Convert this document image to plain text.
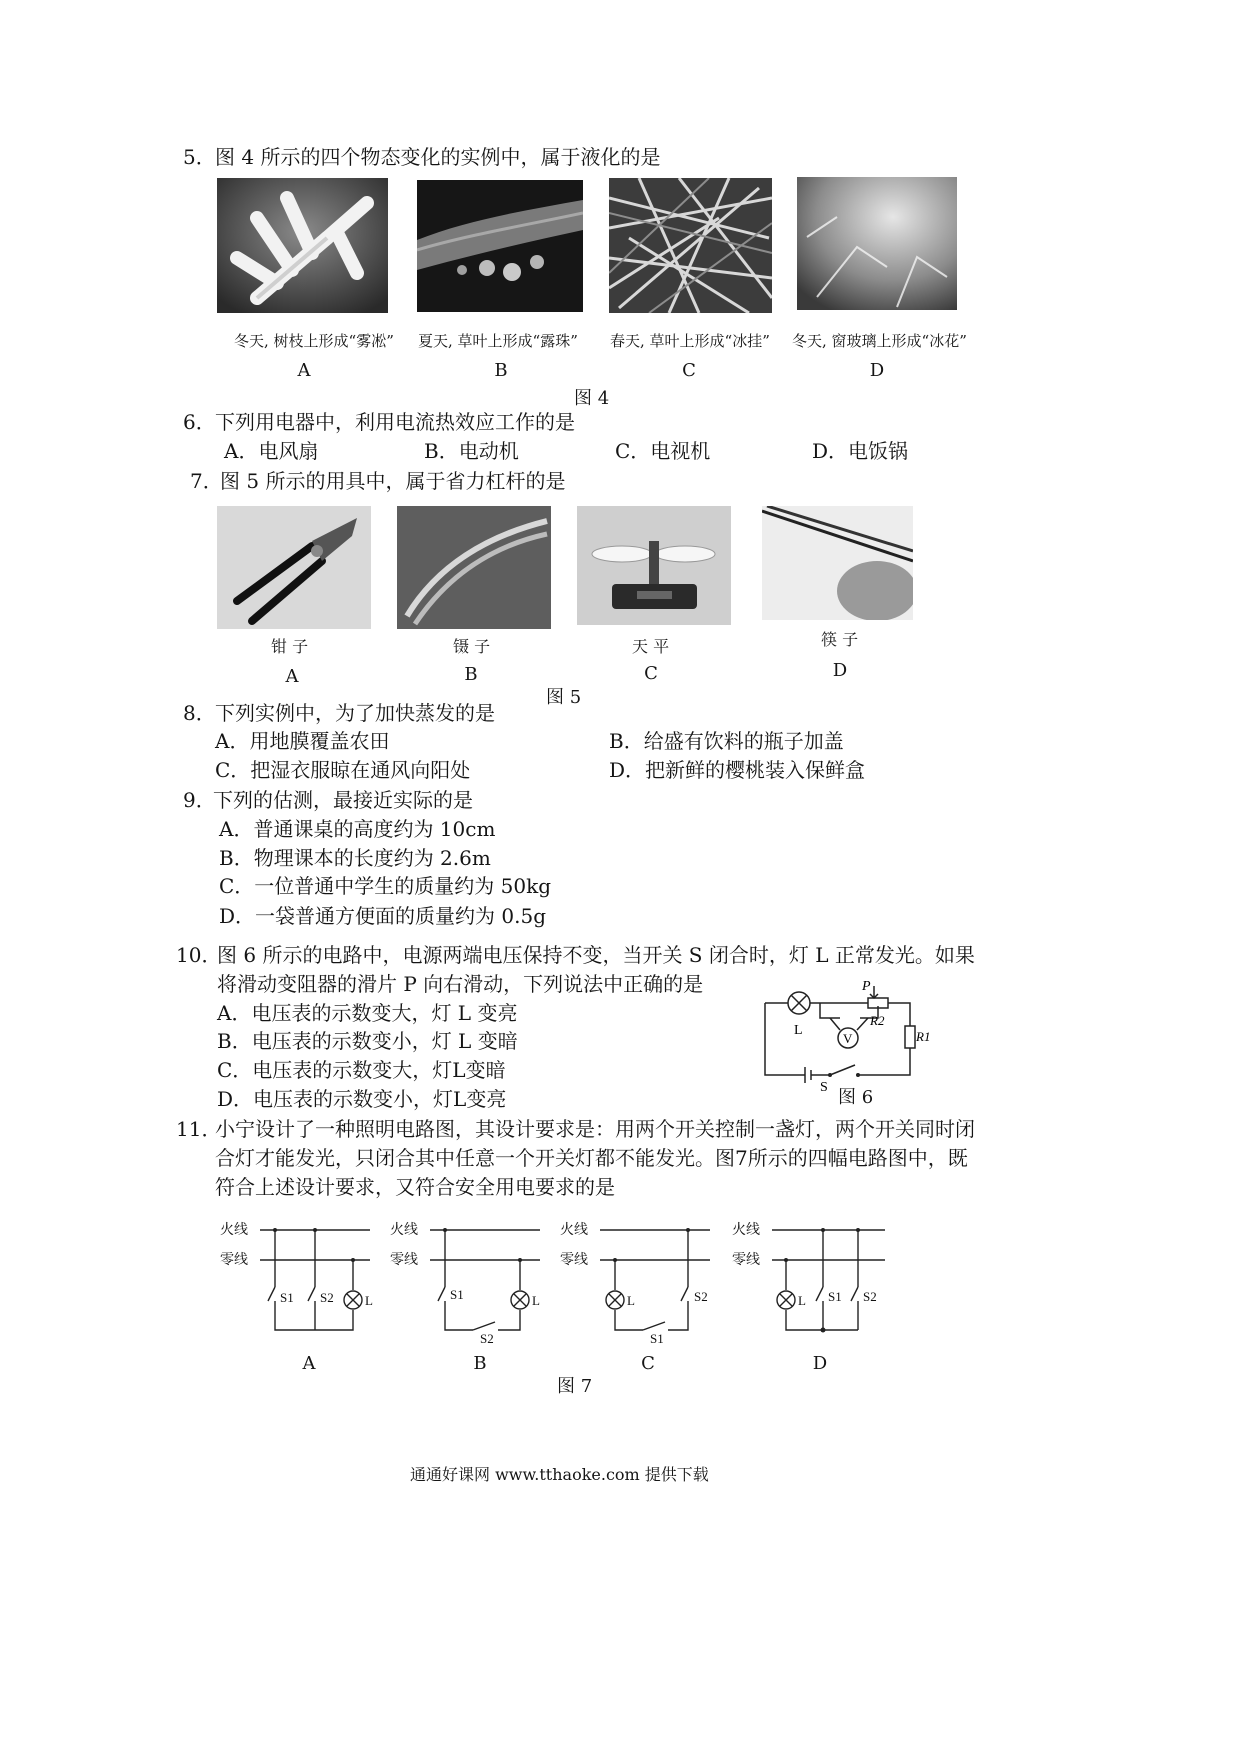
5． 图 4 所示的四个物态变化的实例中，属于液化的是
冬天, 树枝上形成“雾凇” 夏天, 草叶上形成“露珠” 春天, 草叶上形成“冰挂” 冬天, 窗玻璃上形成“冰花”
A	B	C	D
图 4
6． 下列用电器中，利用电流热效应工作的是
A．电风扇	B．电动机	C．电视机	D．电饭锅
7．
图 5 所示的用具中，属于省力杠杆的是
钳 子	镊 子	天 平	筷 子
A	B	C	D
图 5
8． 下列实例中，为了加快蒸发的是
A．用地膜覆盖农田	B．给盛有饮料的瓶子加盖
C．把湿衣服晾在通风向阳处	D．把新鲜的樱桃装入保鲜盒
9．
下列的估测，最接近实际的是
A．普通课桌的高度约为 10cm
B．物理课本的长度约为 2.6m
C．一位普通中学生的质量约为 50kg
D．一袋普通方便面的质量约为 0.5g
10．
图 6 所示的电路中，电源两端电压保持不变，当开关 S 闭合时，灯 L 正常发光。如果
将滑动变阻器的滑片 P 向右滑动，下列说法中正确的是
A．电压表的示数变大，灯 L 变亮
B．电压表的示数变小，灯 L 变暗
C．电压表的示数变大，灯L变暗
D．电压表的示数变小，灯L变亮
L
P
R2
R1
V
S 图 6
11．
小宁设计了一种照明电路图，其设计要求是：用两个开关控制一盏灯，两个开关同时闭
合灯才能发光，只闭合其中任意一个开关灯都不能发光。图7所示的四幅电路图中，既
符合上述设计要求，又符合安全用电要求的是
火线
零线
火线
零线
火线
零线
火线
零线
S1 S2 L	S1
S2
L	L
S1
S2	L S1 S2
A	B	C	D
图 7
通通好课网 www.tthaoke.com 提供下载
